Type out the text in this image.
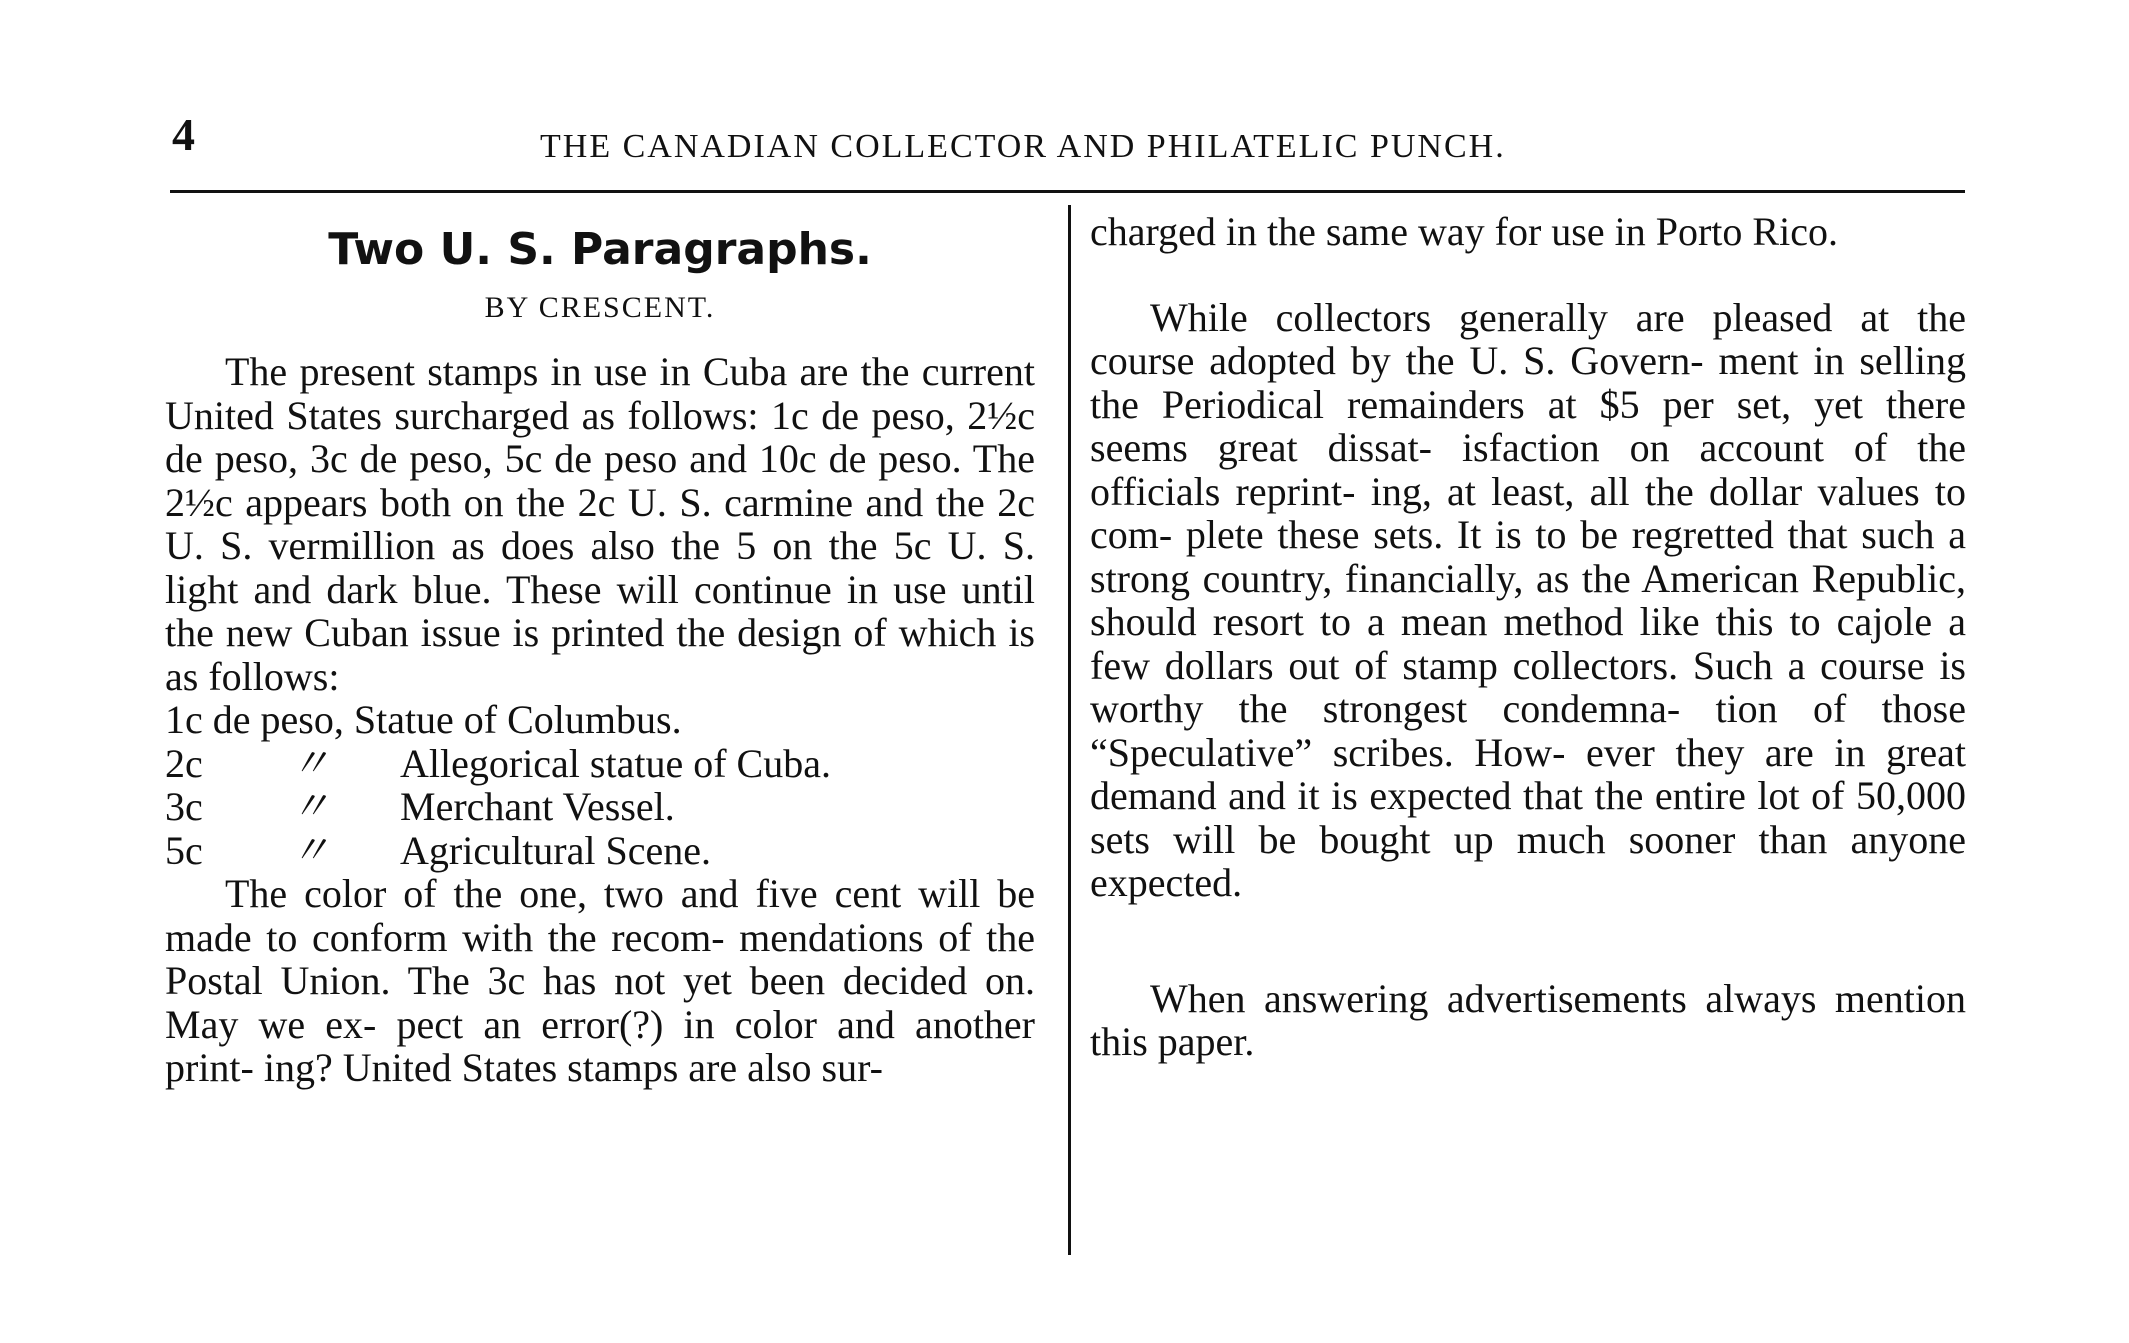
4	THE CANADIAN COLLECTOR AND PHILATELIC PUNCH.
Two U. S. Paragraphs.
BY CRESCENT.

The present stamps in use in Cuba are the current United States surcharged as follows: 1c de peso, 2½c de peso, 3c de peso, 5c de peso and 10c de peso. The 2½c appears both on the 2c U. S. carmine and the 2c U. S. vermillion as does also the 5 on the 5c U. S. light and dark blue. These will continue in use until the new Cuban issue is printed the design of which is as follows:

1c de peso, Statue of Columbus.
2c	〃	Allegorical statue of Cuba.
3c	〃	Merchant Vessel.
5c	〃	Agricultural Scene.

The color of the one, two and five cent will be made to conform with the recom- mendations of the Postal Union. The 3c has not yet been decided on. May we ex- pect an error(?) in color and another print- ing? United States stamps are also sur-

charged in the same way for use in Porto Rico.

While collectors generally are pleased at the course adopted by the U. S. Govern- ment in selling the Periodical remainders at $5 per set, yet there seems great dissat- isfaction on account of the officials reprint- ing, at least, all the dollar values to com- plete these sets. It is to be regretted that such a strong country, financially, as the American Republic, should resort to a mean method like this to cajole a few dollars out of stamp collectors. Such a course is worthy the strongest condemna- tion of those “Speculative” scribes. How- ever they are in great demand and it is expected that the entire lot of 50,000 sets will be bought up much sooner than anyone expected.

When answering advertisements always mention this paper.
